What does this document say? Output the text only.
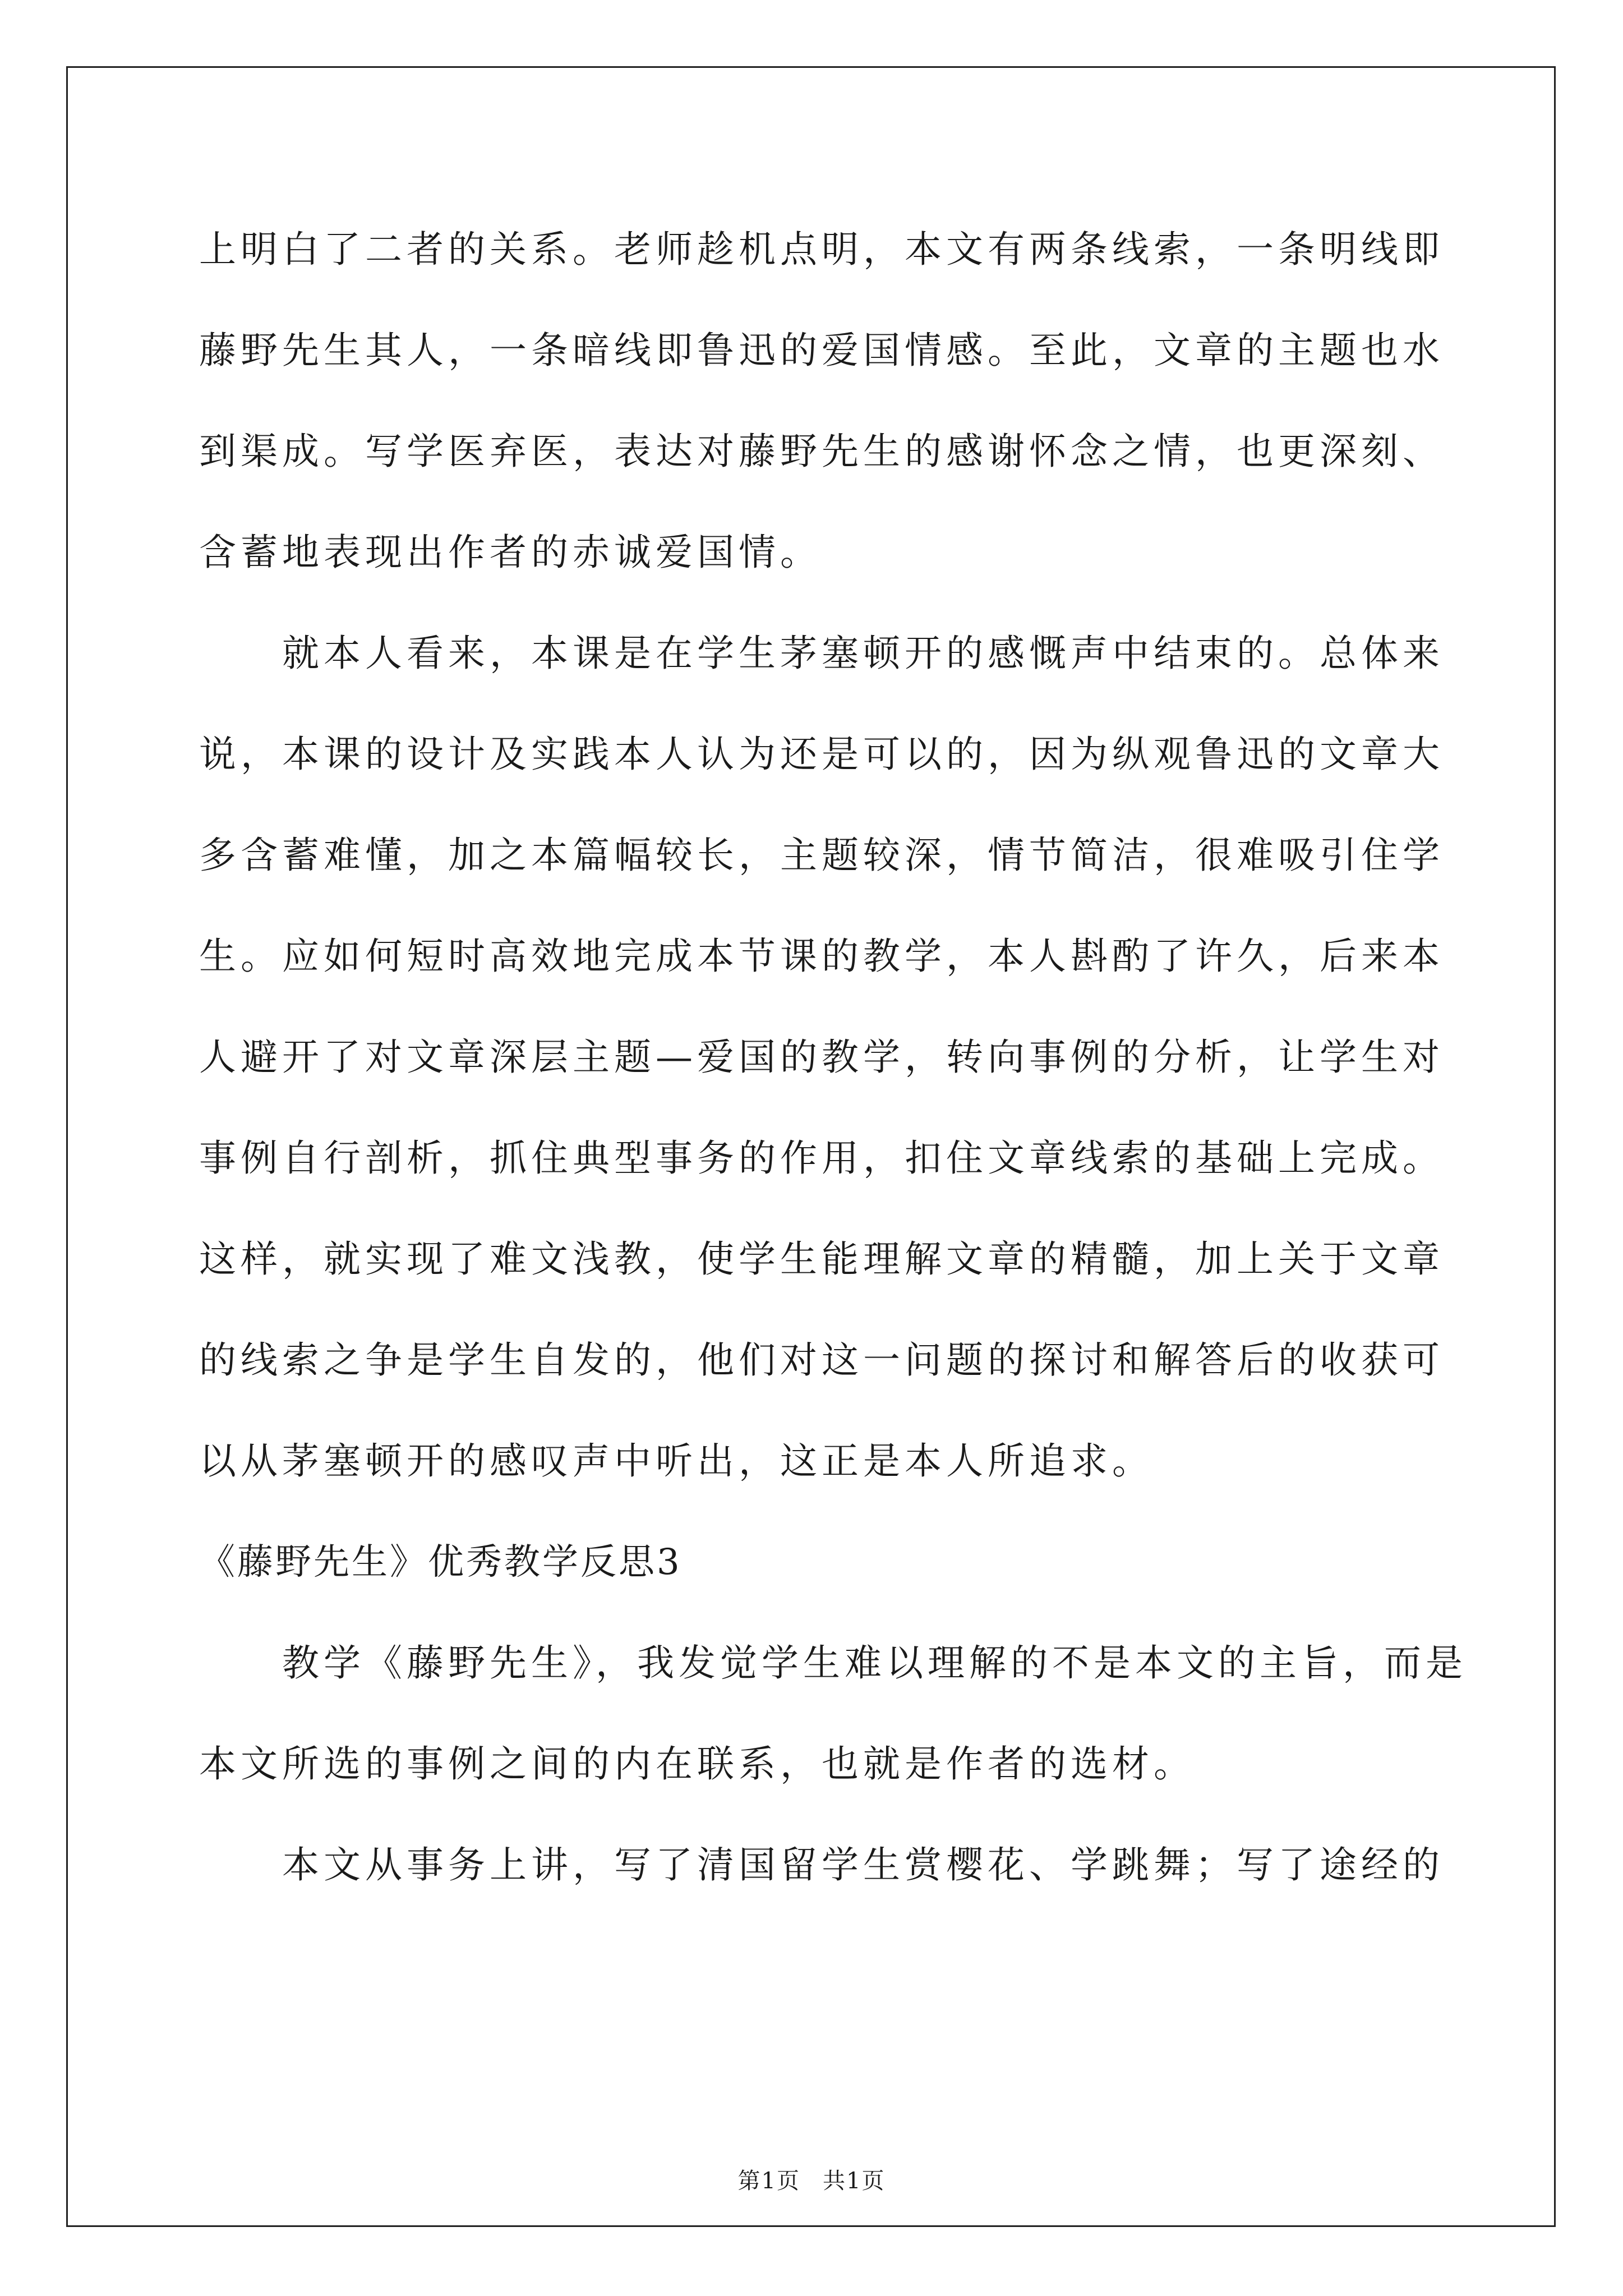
上明白了二者的关系。老师趁机点明，本文有两条线索，一条明线即
藤野先生其人，一条暗线即鲁迅的爱国情感。至此，文章的主题也水
到渠成。写学医弃医，表达对藤野先生的感谢怀念之情，也更深刻、
含蓄地表现出作者的赤诚爱国情。
就本人看来，本课是在学生茅塞顿开的感慨声中结束的。总体来
说，本课的设计及实践本人认为还是可以的，因为纵观鲁迅的文章大
多含蓄难懂，加之本篇幅较长，主题较深，情节简洁，很难吸引住学
生。应如何短时高效地完成本节课的教学，本人斟酌了许久，后来本
人避开了对文章深层主题—爱国的教学，转向事例的分析，让学生对
事例自行剖析，抓住典型事务的作用，扣住文章线索的基础上完成。
这样，就实现了难文浅教，使学生能理解文章的精髓，加上关于文章
的线索之争是学生自发的，他们对这一问题的探讨和解答后的收获可
以从茅塞顿开的感叹声中听出，这正是本人所追求。
《藤野先生》优秀教学反思3
教学《藤野先生》，我发觉学生难以理解的不是本文的主旨，而是
本文所选的事例之间的内在联系，也就是作者的选材。
本文从事务上讲，写了清国留学生赏樱花、学跳舞；写了途经的
第1页 共1页
